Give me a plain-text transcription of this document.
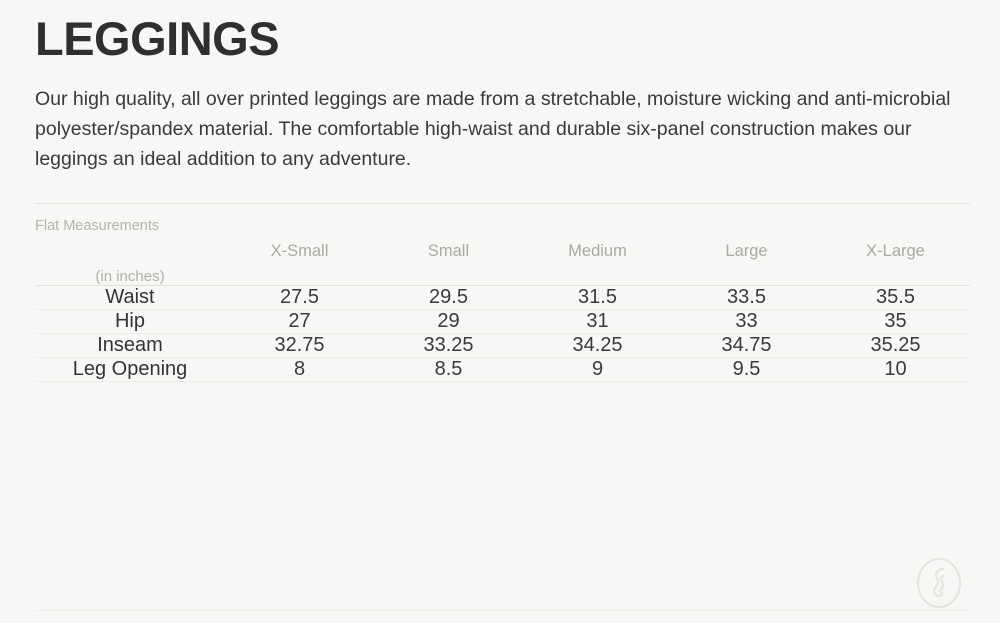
LEGGINGS

Our high quality, all over printed leggings are made from a stretchable, moisture wicking and anti-microbial polyester/spandex material. The comfortable high-waist and durable six-panel construction makes our leggings an ideal addition to any adventure.

Flat Measurements
(in inches)	X-Small	Small	Medium	Large	X-Large
Waist	27.5	29.5	31.5	33.5	35.5
Hip	27	29	31	33	35
Inseam	32.75	33.25	34.25	34.75	35.25
Leg Opening	8	8.5	9	9.5	10
